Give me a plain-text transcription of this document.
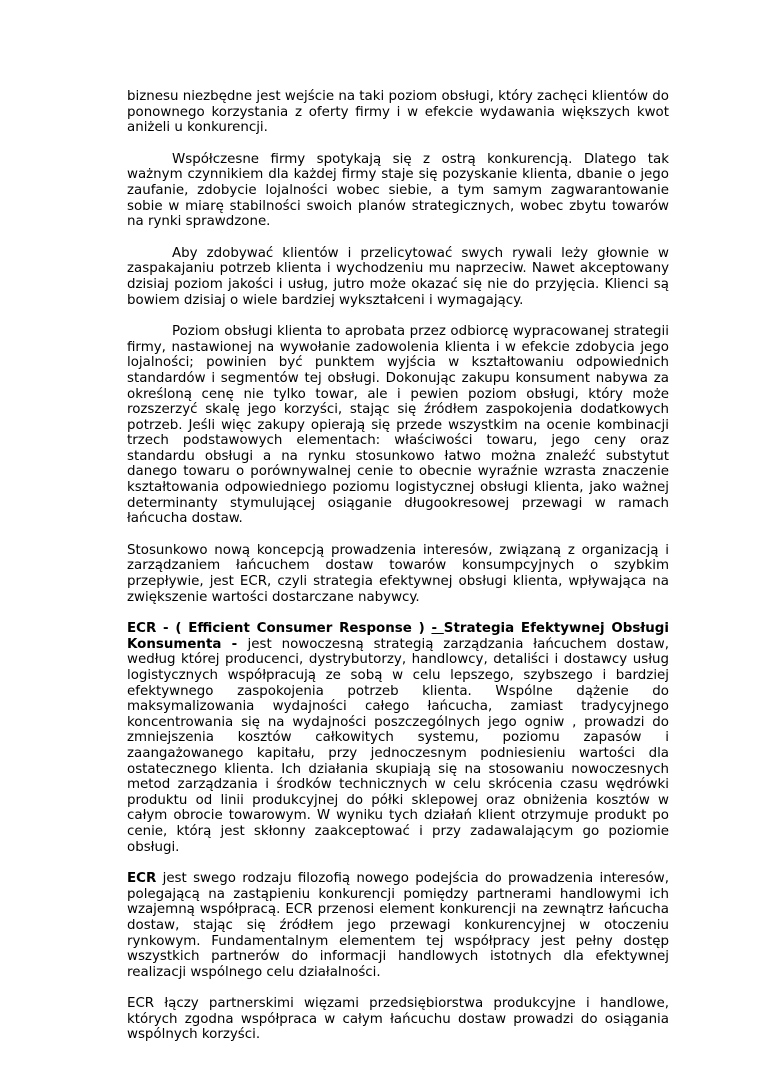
biznesu niezbędne jest wejście na taki poziom obsługi, który zachęci klientów do ponownego korzystania z oferty firmy i w efekcie wydawania większych kwot aniżeli u konkurencji.

Współczesne firmy spotykają się z ostrą konkurencją. Dlatego tak ważnym czynnikiem dla każdej firmy staje się pozyskanie klienta, dbanie o jego zaufanie, zdobycie lojalności wobec siebie, a tym samym zagwarantowanie sobie w miarę stabilności swoich planów strategicznych, wobec zbytu towarów na rynki sprawdzone.

Aby zdobywać klientów i przelicytować swych rywali leży głownie w zaspakajaniu potrzeb klienta i wychodzeniu mu naprzeciw. Nawet akceptowany dzisiaj poziom jakości i usług, jutro może okazać się nie do przyjęcia. Klienci są bowiem dzisiaj o wiele bardziej wykształceni i wymagający.

Poziom obsługi klienta to aprobata przez odbiorcę wypracowanej strategii firmy, nastawionej na wywołanie zadowolenia klienta i w efekcie zdobycia jego lojalności; powinien być punktem wyjścia w kształtowaniu odpowiednich standardów i segmentów tej obsługi. Dokonując zakupu konsument nabywa za określoną cenę nie tylko towar, ale i pewien poziom obsługi, który może rozszerzyć skalę jego korzyści, stając się źródłem zaspokojenia dodatkowych potrzeb. Jeśli więc zakupy opierają się przede wszystkim na ocenie kombinacji trzech podstawowych elementach: właściwości towaru, jego ceny oraz standardu obsługi a na rynku stosunkowo łatwo można znaleźć substytut danego towaru o porównywalnej cenie to obecnie wyraźnie wzrasta znaczenie kształtowania odpowiedniego poziomu logistycznej obsługi klienta, jako ważnej determinanty stymulującej osiąganie długookresowej przewagi w ramach łańcucha dostaw.

Stosunkowo nową koncepcją prowadzenia interesów, związaną z organizacją i zarządzaniem łańcuchem dostaw towarów konsumpcyjnych o szybkim przepływie, jest ECR, czyli strategia efektywnej obsługi klienta, wpływająca na zwiększenie wartości dostarczane nabywcy.

ECR - ( Efficient Consumer Response ) - Strategia Efektywnej Obsługi Konsumenta - jest nowoczesną strategią zarządzania łańcuchem dostaw, według której producenci, dystrybutorzy, handlowcy, detaliści i dostawcy usług logistycznych współpracują ze sobą w celu lepszego, szybszego i bardziej efektywnego zaspokojenia potrzeb klienta. Wspólne dążenie do maksymalizowania wydajności całego łańcucha, zamiast tradycyjnego koncentrowania się na wydajności poszczególnych jego ogniw , prowadzi do zmniejszenia kosztów całkowitych systemu, poziomu zapasów i zaangażowanego kapitału, przy jednoczesnym podniesieniu wartości dla ostatecznego klienta. Ich działania skupiają się na stosowaniu nowoczesnych metod zarządzania i środków technicznych w celu skrócenia czasu wędrówki produktu od linii produkcyjnej do półki sklepowej oraz obniżenia kosztów w całym obrocie towarowym. W wyniku tych działań klient otrzymuje produkt po cenie, którą jest skłonny zaakceptować i przy zadawalającym go poziomie obsługi.

ECR jest swego rodzaju filozofią nowego podejścia do prowadzenia interesów, polegającą na zastąpieniu konkurencji pomiędzy partnerami handlowymi ich wzajemną współpracą. ECR przenosi element konkurencji na zewnątrz łańcucha dostaw, stając się źródłem jego przewagi konkurencyjnej w otoczeniu rynkowym. Fundamentalnym elementem tej współpracy jest pełny dostęp wszystkich partnerów do informacji handlowych istotnych dla efektywnej realizacji wspólnego celu działalności.

ECR łączy partnerskimi więzami przedsiębiorstwa produkcyjne i handlowe, których zgodna współpraca w całym łańcuchu dostaw prowadzi do osiągania wspólnych korzyści.
